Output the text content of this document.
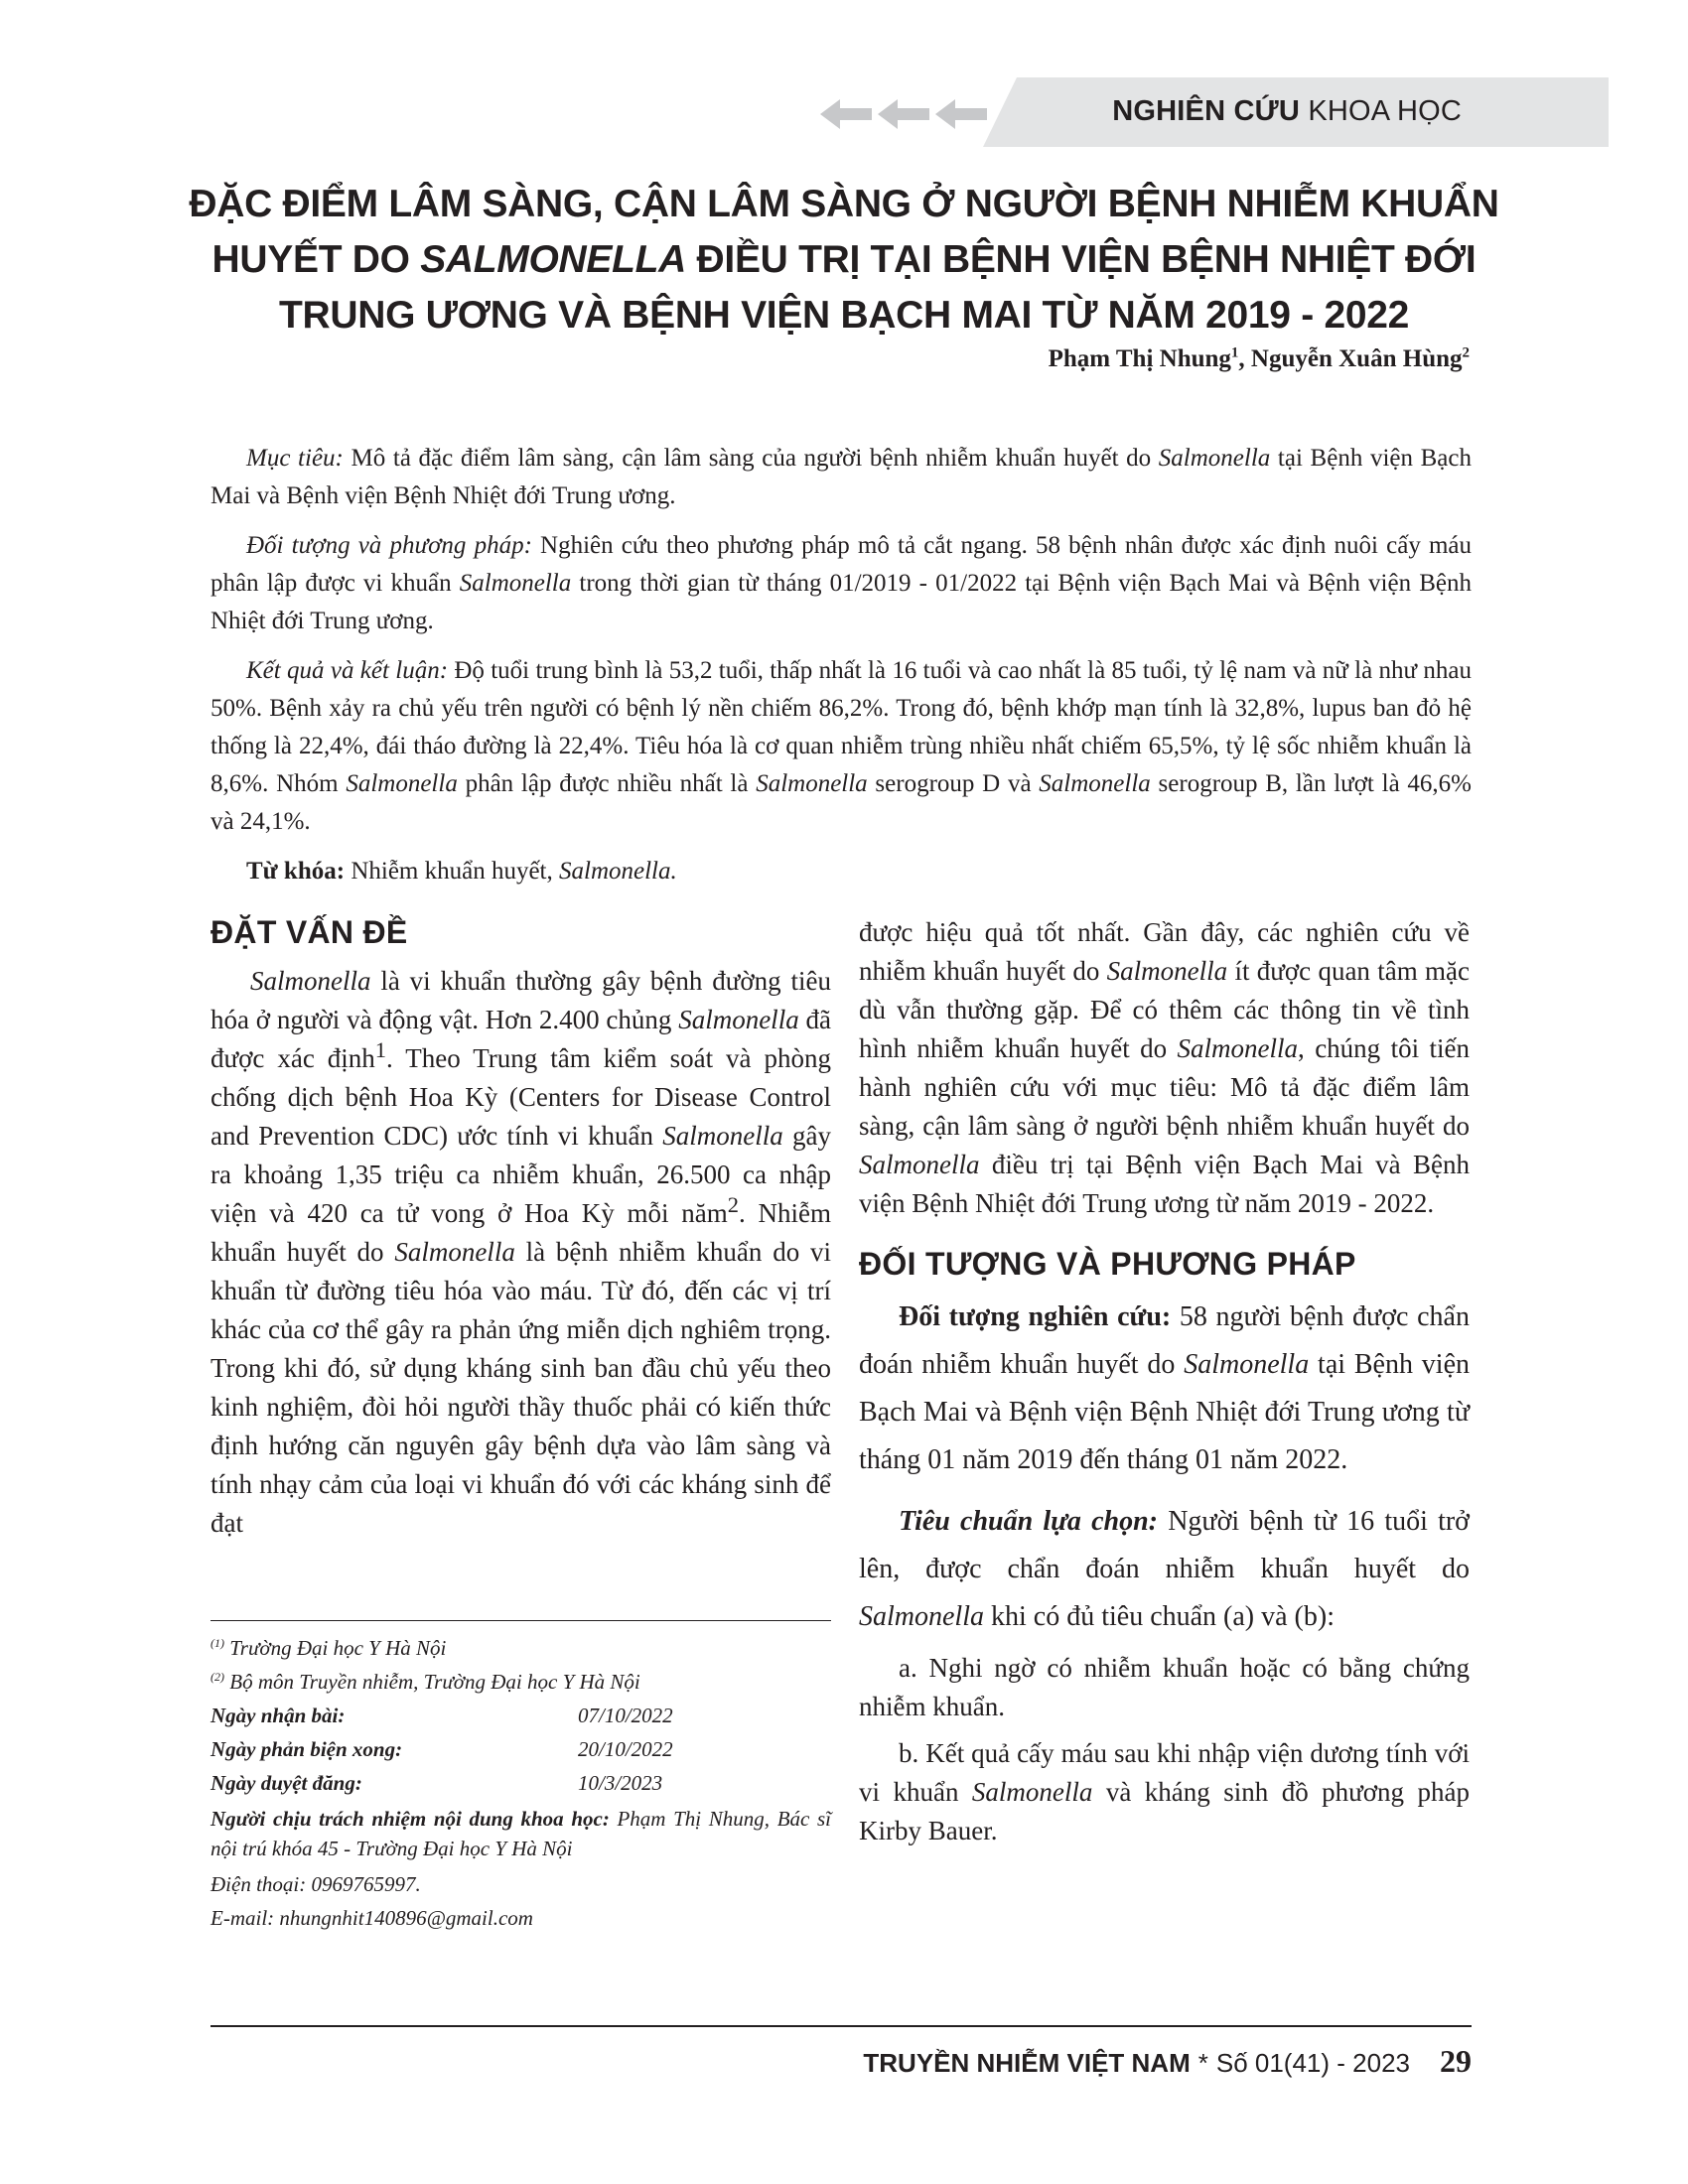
NGHIÊN CỨU KHOA HỌC
ĐẶC ĐIỂM LÂM SÀNG, CẬN LÂM SÀNG Ở NGƯỜI BỆNH NHIỄM KHUẨN
HUYẾT DO SALMONELLA ĐIỀU TRỊ TẠI BỆNH VIỆN BỆNH NHIỆT ĐỚI
TRUNG ƯƠNG VÀ BỆNH VIỆN BẠCH MAI TỪ NĂM 2019 - 2022
Phạm Thị Nhung$^1$, Nguyễn Xuân Hùng$^2$

Mục tiêu: Mô tả đặc điểm lâm sàng, cận lâm sàng của người bệnh nhiễm khuẩn huyết do Salmonella tại Bệnh viện Bạch Mai và Bệnh viện Bệnh Nhiệt đới Trung ương.

Đối tượng và phương pháp: Nghiên cứu theo phương pháp mô tả cắt ngang. 58 bệnh nhân được xác định nuôi cấy máu phân lập được vi khuẩn Salmonella trong thời gian từ tháng 01/2019 - 01/2022 tại Bệnh viện Bạch Mai và Bệnh viện Bệnh Nhiệt đới Trung ương.

Kết quả và kết luận: Độ tuổi trung bình là 53,2 tuổi, thấp nhất là 16 tuổi và cao nhất là 85 tuổi, tỷ lệ nam và nữ là như nhau 50%. Bệnh xảy ra chủ yếu trên người có bệnh lý nền chiếm 86,2%. Trong đó, bệnh khớp mạn tính là 32,8%, lupus ban đỏ hệ thống là 22,4%, đái tháo đường là 22,4%. Tiêu hóa là cơ quan nhiễm trùng nhiều nhất chiếm 65,5%, tỷ lệ sốc nhiễm khuẩn là 8,6%. Nhóm Salmonella phân lập được nhiều nhất là Salmonella serogroup D và Salmonella serogroup B, lần lượt là 46,6% và 24,1%.

Từ khóa: Nhiễm khuẩn huyết, Salmonella.

ĐẶT VẤN ĐỀ

Salmonella là vi khuẩn thường gây bệnh đường tiêu hóa ở người và động vật. Hơn 2.400 chủng Salmonella đã được xác định$^1$. Theo Trung tâm kiểm soát và phòng chống dịch bệnh Hoa Kỳ (Centers for Disease Control and Prevention CDC) ước tính vi khuẩn Salmonella gây ra khoảng 1,35 triệu ca nhiễm khuẩn, 26.500 ca nhập viện và 420 ca tử vong ở Hoa Kỳ mỗi năm$^2$. Nhiễm khuẩn huyết do Salmonella là bệnh nhiễm khuẩn do vi khuẩn từ đường tiêu hóa vào máu. Từ đó, đến các vị trí khác của cơ thể gây ra phản ứng miễn dịch nghiêm trọng. Trong khi đó, sử dụng kháng sinh ban đầu chủ yếu theo kinh nghiệm, đòi hỏi người thầy thuốc phải có kiến thức định hướng căn nguyên gây bệnh dựa vào lâm sàng và tính nhạy cảm của loại vi khuẩn đó với các kháng sinh để đạt

được hiệu quả tốt nhất. Gần đây, các nghiên cứu về nhiễm khuẩn huyết do Salmonella ít được quan tâm mặc dù vẫn thường gặp. Để có thêm các thông tin về tình hình nhiễm khuẩn huyết do Salmonella, chúng tôi tiến hành nghiên cứu với mục tiêu: Mô tả đặc điểm lâm sàng, cận lâm sàng ở người bệnh nhiễm khuẩn huyết do Salmonella điều trị tại Bệnh viện Bạch Mai và Bệnh viện Bệnh Nhiệt đới Trung ương từ năm 2019 - 2022.

ĐỐI TƯỢNG VÀ PHƯƠNG PHÁP

Đối tượng nghiên cứu: 58 người bệnh được chẩn đoán nhiễm khuẩn huyết do Salmonella tại Bệnh viện Bạch Mai và Bệnh viện Bệnh Nhiệt đới Trung ương từ tháng 01 năm 2019 đến tháng 01 năm 2022.

Tiêu chuẩn lựa chọn: Người bệnh từ 16 tuổi trở lên, được chẩn đoán nhiễm khuẩn huyết do Salmonella khi có đủ tiêu chuẩn (a) và (b):

a. Nghi ngờ có nhiễm khuẩn hoặc có bằng chứng nhiễm khuẩn.

b. Kết quả cấy máu sau khi nhập viện dương tính với vi khuẩn Salmonella và kháng sinh đồ phương pháp Kirby Bauer.

$^{(1)}$ Trường Đại học Y Hà Nội

$^{(2)}$ Bộ môn Truyền nhiễm, Trường Đại học Y Hà Nội

Ngày nhận bài:	07/10/2022
Ngày phản biện xong:	20/10/2022
Ngày duyệt đăng:	10/3/2023

Người chịu trách nhiệm nội dung khoa học: Phạm Thị Nhung, Bác sĩ nội trú khóa 45 - Trường Đại học Y Hà Nội

Điện thoại: 0969765997.

E-mail: nhungnhit140896@gmail.com

TRUYỀN NHIỄM VIỆT NAM * Số 01(41) - 2023 29
